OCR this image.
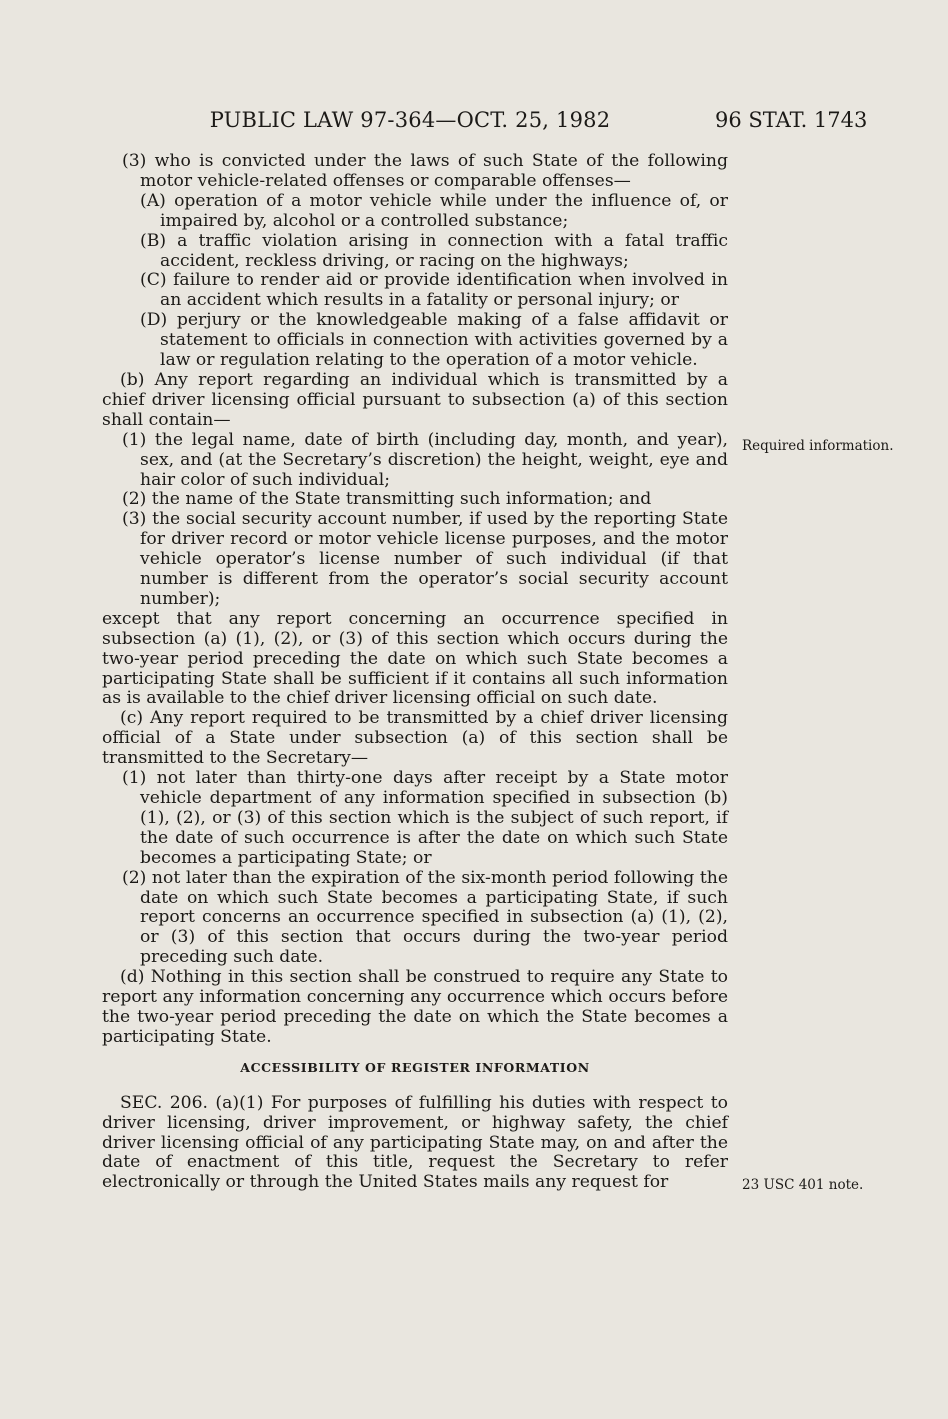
PUBLIC LAW 97-364—OCT. 25, 1982	96 STAT. 1743

(3) who is convicted under the laws of such State of the following motor vehicle-related offenses or comparable offenses—

(A) operation of a motor vehicle while under the influence of, or impaired by, alcohol or a controlled substance;

(B) a traffic violation arising in connection with a fatal traffic accident, reckless driving, or racing on the highways;

(C) failure to render aid or provide identification when involved in an accident which results in a fatality or personal injury; or

(D) perjury or the knowledgeable making of a false affidavit or statement to officials in connection with activities governed by a law or regulation relating to the operation of a motor vehicle.

(b) Any report regarding an individual which is transmitted by a chief driver licensing official pursuant to subsection (a) of this section shall contain—

(1) the legal name, date of birth (including day, month, and year), sex, and (at the Secretary’s discretion) the height, weight, eye and hair color of such individual;

(2) the name of the State transmitting such information; and

(3) the social security account number, if used by the reporting State for driver record or motor vehicle license purposes, and the motor vehicle operator’s license number of such individual (if that number is different from the operator’s social security account number);

except that any report concerning an occurrence specified in subsection (a) (1), (2), or (3) of this section which occurs during the two-year period preceding the date on which such State becomes a participating State shall be sufficient if it contains all such information as is available to the chief driver licensing official on such date.

(c) Any report required to be transmitted by a chief driver licensing official of a State under subsection (a) of this section shall be transmitted to the Secretary—

(1) not later than thirty-one days after receipt by a State motor vehicle department of any information specified in subsection (b) (1), (2), or (3) of this section which is the subject of such report, if the date of such occurrence is after the date on which such State becomes a participating State; or

(2) not later than the expiration of the six-month period following the date on which such State becomes a participating State, if such report concerns an occurrence specified in subsection (a) (1), (2), or (3) of this section that occurs during the two-year period preceding such date.

(d) Nothing in this section shall be construed to require any State to report any information concerning any occurrence which occurs before the two-year period preceding the date on which the State becomes a participating State.

ACCESSIBILITY OF REGISTER INFORMATION

SEC. 206. (a)(1) For purposes of fulfilling his duties with respect to driver licensing, driver improvement, or highway safety, the chief driver licensing official of any participating State may, on and after the date of enactment of this title, request the Secretary to refer electronically or through the United States mails any request for

Required information.
23 USC 401 note.
